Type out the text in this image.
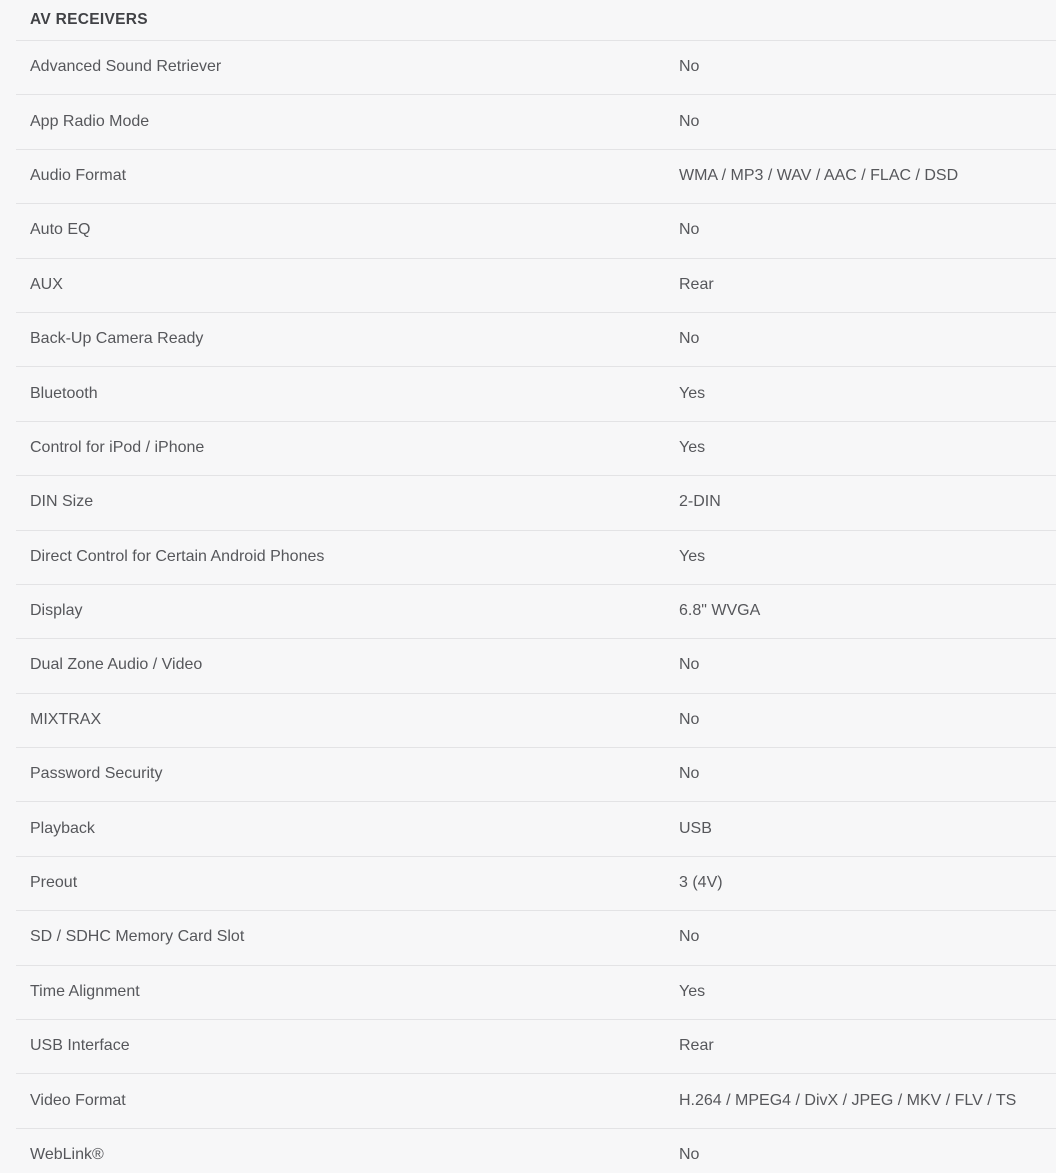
AV RECEIVERS
Advanced Sound Retriever	No
App Radio Mode	No
Audio Format	WMA / MP3 / WAV / AAC / FLAC / DSD
Auto EQ	No
AUX	Rear
Back-Up Camera Ready	No
Bluetooth	Yes
Control for iPod / iPhone	Yes
DIN Size	2-DIN
Direct Control for Certain Android Phones	Yes
Display	6.8" WVGA
Dual Zone Audio / Video	No
MIXTRAX	No
Password Security	No
Playback	USB
Preout	3 (4V)
SD / SDHC Memory Card Slot	No
Time Alignment	Yes
USB Interface	Rear
Video Format	H.264 / MPEG4 / DivX / JPEG / MKV / FLV / TS
WebLink®	No
